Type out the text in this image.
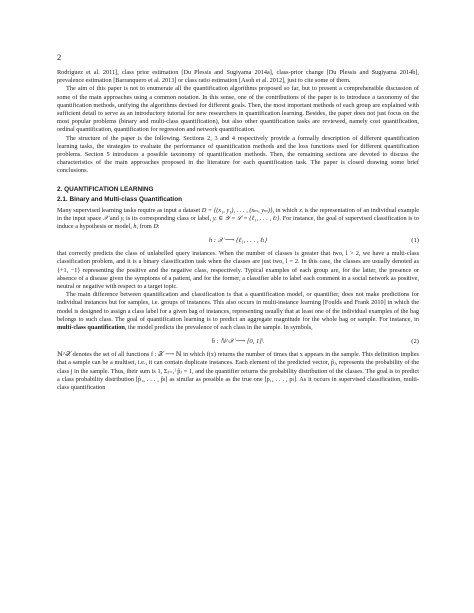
2

Rodríguez et al. 2011], class prior estimation [Du Plessis and Sugiyama 2014a], class-prior change [Du Plessis and Sugiyama 2014b], prevalence estimation [Barranquero et al. 2013] or class ratio estimation [Asoh et al. 2012], just to cite some of them.

The aim of this paper is not to enumerate all the quantification algorithms proposed so far, but to present a comprehensible discussion of some of the main approaches using a common notation. In this sense, one of the contributions of the paper is to introduce a taxonomy of the quantification methods, unifying the algorithms devised for different goals. Then, the most important methods of each group are explained with sufficient detail to serve as an introductory tutorial for new researchers in quantification learning. Besides, the paper does not just focus on the most popular problems (binary and multi-class quantification), but also other quantification tasks are reviewed, namely cost quantification, ordinal quantification, quantification for regression and network quantification.

The structure of the paper is the following. Sections 2, 3 and 4 respectively provide a formally description of different quantification learning tasks, the strategies to evaluate the performance of quantification methods and the loss functions used for different quantification problems. Section 5 introduces a possible taxonomy of quantification methods. Then, the remaining sections are devoted to discuss the characteristics of the main approaches proposed in the literature for each quantification task. The paper is closed drawing some brief conclusions.

2. QUANTIFICATION LEARNING
2.1. Binary and Multi-class Quantification

Many supervised learning tasks require as input a dataset D = {(x₁, y₁), . . . , (xₘ, yₘ)}, in which xᵢ is the representation of an individual example in the input space 𝒳 and yᵢ is its corresponding class or label, yᵢ ∈ 𝒴 = ℒ = {ℓ₁, . . . , ℓₗ}. For instance, the goal of supervised classification is to induce a hypothesis or model, h, from D:

h : 𝒳 ⟶ {ℓ₁, . . . , ℓₗ}	(1)

that correctly predicts the class of unlabelled query instances. When the number of classes is greater that two, l > 2, we have a multi-class classification problem, and it is a binary classification task when the classes are just two, l = 2. In this case, the classes are usually denoted as {+1, −1} representing the positive and the negative class, respectively. Typical examples of each group are, for the latter, the presence or absence of a disease given the symptoms of a patient, and for the former, a classifier able to label each comment in a social network as positive, neutral or negative with respect to a target topic.

The main difference between quantification and classification is that a quantification model, or quantifier, does not make predictions for individual instances but for samples, i.e. groups of instances. This also occurs in multi-instance learning [Foulds and Frank 2010] in which the model is designed to assign a class label for a given bag of instances, representing usually that at least one of the individual examples of the bag belongs to such class. The goal of quantification learning is to predict an aggregate magnitude for the whole bag or sample. For instance, in multi-class quantification, the model predicts the prevalence of each class in the sample. In symbols,

h̄ : ℕ^𝒳 ⟶ [0, 1]ˡ.	(2)

ℕ^𝒳 denotes the set of all functions f : 𝒳 ⟶ ℕ in which f(x) returns the number of times that x appears in the sample. This definition implies that a sample can be a multiset, i.e., it can contain duplicate instances. Each element of the predicted vector, p̂ⱼ, represents the probability of the class j in the sample. Thus, their sum is 1, Σⱼ₌₁ˡ p̂ⱼ = 1, and the quantifier returns the probability distribution of the classes. The goal is to predict a class probability distribution [p̂₁, . . . , p̂ₗ] as similar as possible as the true one [p₁, . . . , pₗ]. As it occurs in supervised classification, multi-class quantification
